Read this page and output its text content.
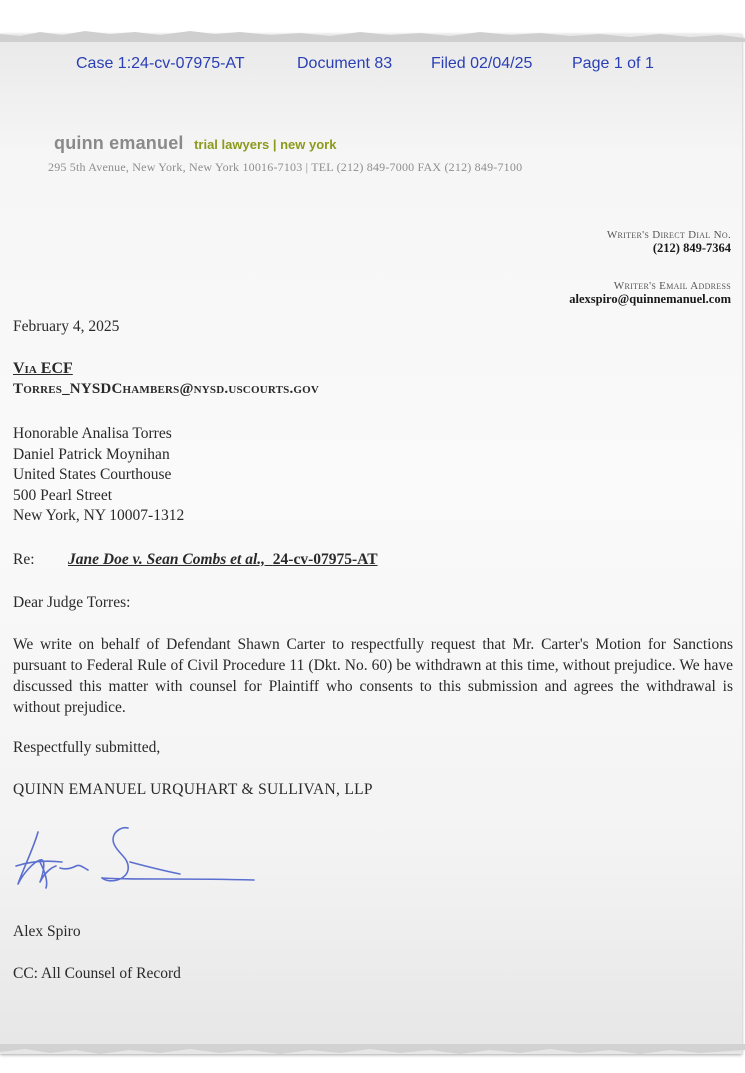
Case 1:24-cv-07975-AT	Document 83 Filed 02/04/25 Page 1 of 1
quinn emanuel trial lawyers | new york
295 5th Avenue, New York, New York 10016-7103 | TEL (212) 849-7000 FAX (212) 849-7100
Writer's Direct Dial No.
(212) 849-7364
Writer's Email Address
alexspiro@quinnemanuel.com
February 4, 2025
Via ECF
Torres_NYSDChambers@nysd.uscourts.gov
Honorable Analisa Torres
Daniel Patrick Moynihan
United States Courthouse
500 Pearl Street
New York, NY 10007-1312
Re: Jane Doe v. Sean Combs et al., 24-cv-07975-AT
Dear Judge Torres:
We write on behalf of Defendant Shawn Carter to respectfully request that Mr. Carter's Motion for Sanctions pursuant to Federal Rule of Civil Procedure 11 (Dkt. No. 60) be withdrawn at this time, without prejudice. We have discussed this matter with counsel for Plaintiff who consents to this submission and agrees the withdrawal is without prejudice.
Respectfully submitted,
QUINN EMANUEL URQUHART & SULLIVAN, LLP
Alex Spiro
CC: All Counsel of Record
